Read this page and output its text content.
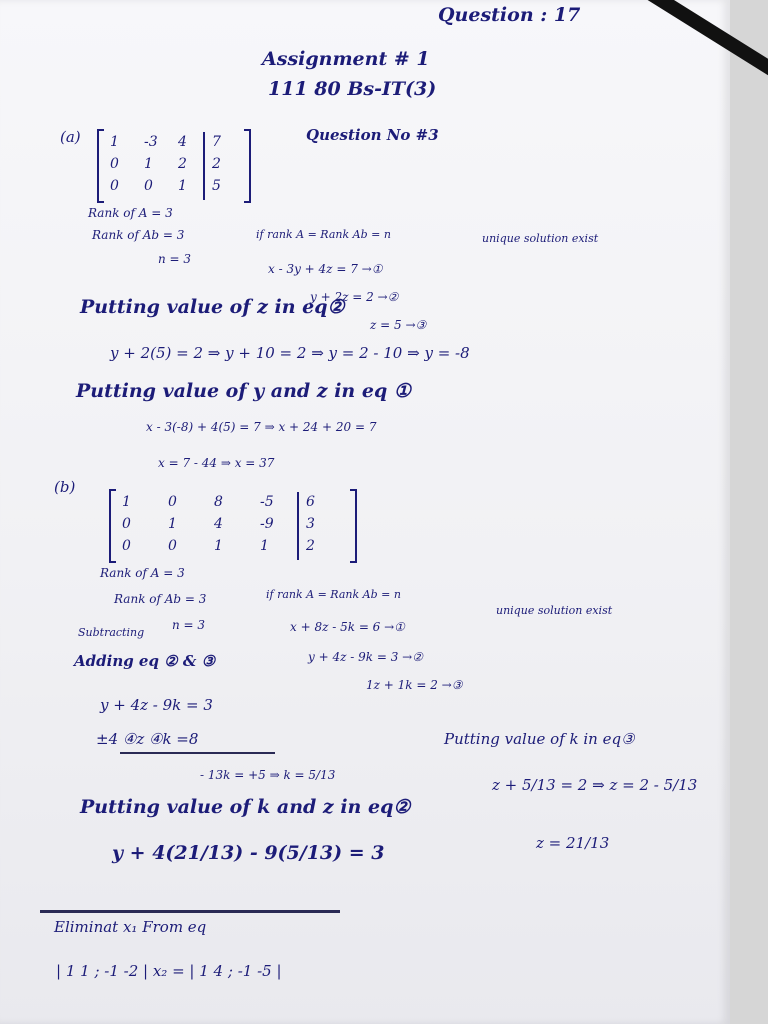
Question : 17
Assignment # 1
111 80 Bs-IT(3)
Question No #3
(a) 1 -3 4 7
0 1 2 2
0 0 1 5
Rank of A = 3
Rank of Ab = 3
n = 3
if rank A = Rank Ab = n	unique solution exist
x - 3y + 4z = 7 →①
y + 2z = 2 →②
z = 5 →③
Putting value of z in eq②
y + 2(5) = 2 ⇒ y + 10 = 2 ⇒ y = 2 - 10 ⇒ y = -8
Putting value of y and z in eq ①
x - 3(-8) + 4(5) = 7 ⇒ x + 24 + 20 = 7
x = 7 - 44 ⇒ x = 37
(b)
1	0	8	-5 6
0	1	4	-9 3
0	0	1	1	2
Rank of A = 3
Rank of Ab = 3
n = 3
if rank A = Rank Ab = n
unique solution exist
x + 8z - 5k = 6 →①
y + 4z - 9k = 3 →②
1z + 1k = 2 →③
Subtracting
Adding eq ② & ③
y + 4z - 9k = 3
±4 ④z ④k =8
- 13k = +5 ⇒ k = 5/13
Putting value of k in eq③
z + 5/13 = 2 ⇒ z = 2 - 5/13
z = 21/13
Putting value of k and z in eq②
y + 4(21/13) - 9(5/13) = 3
Eliminat x₁ From eq
| 1 1 ; -1 -2 | x₂ = | 1 4 ; -1 -5 |
